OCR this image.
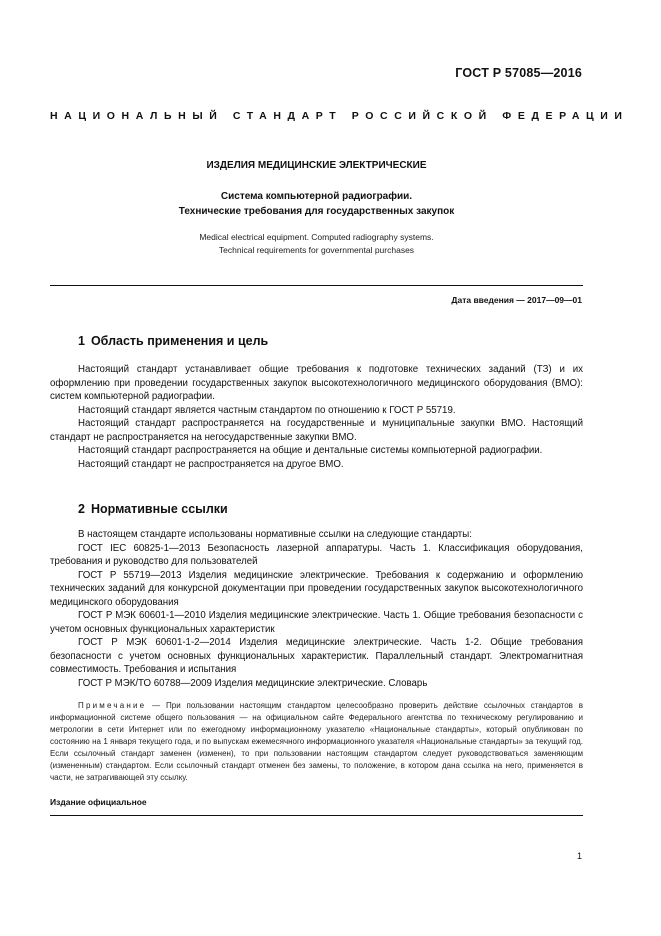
ГОСТ Р 57085—2016
НАЦИОНАЛЬНЫЙ СТАНДАРТ РОССИЙСКОЙ ФЕДЕРАЦИИ
ИЗДЕЛИЯ МЕДИЦИНСКИЕ ЭЛЕКТРИЧЕСКИЕ
Система компьютерной радиографии.
Технические требования для государственных закупок
Medical electrical equipment. Computed radiography systems.
Technical requirements for governmental purchases
Дата введения — 2017—09—01
1 Область применения и цель

Настоящий стандарт устанавливает общие требования к подготовке технических заданий (ТЗ) и их оформлению при проведении государственных закупок высокотехнологичного медицинского оборудования (ВМО): систем компьютерной радиографии.

Настоящий стандарт является частным стандартом по отношению к ГОСТ Р 55719.

Настоящий стандарт распространяется на государственные и муниципальные закупки ВМО. Настоящий стандарт не распространяется на негосударственные закупки ВМО.

Настоящий стандарт распространяется на общие и дентальные системы компьютерной радиографии.

Настоящий стандарт не распространяется на другое ВМО.

2 Нормативные ссылки

В настоящем стандарте использованы нормативные ссылки на следующие стандарты:

ГОСТ IEC 60825-1—2013 Безопасность лазерной аппаратуры. Часть 1. Классификация оборудования, требования и руководство для пользователей

ГОСТ Р 55719—2013 Изделия медицинские электрические. Требования к содержанию и оформлению технических заданий для конкурсной документации при проведении государственных закупок высокотехнологичного медицинского оборудования

ГОСТ Р МЭК 60601-1—2010 Изделия медицинские электрические. Часть 1. Общие требования безопасности с учетом основных функциональных характеристик

ГОСТ Р МЭК 60601-1-2—2014 Изделия медицинские электрические. Часть 1-2. Общие требования безопасности с учетом основных функциональных характеристик. Параллельный стандарт. Электромагнитная совместимость. Требования и испытания

ГОСТ Р МЭК/ТО 60788—2009 Изделия медицинские электрические. Словарь

Примечание — При пользовании настоящим стандартом целесообразно проверить действие ссылочных стандартов в информационной системе общего пользования — на официальном сайте Федерального агентства по техническому регулированию и метрологии в сети Интернет или по ежегодному информационному указателю «Национальные стандарты», который опубликован по состоянию на 1 января текущего года, и по выпускам ежемесячного информационного указателя «Национальные стандарты» за текущий год. Если ссылочный стандарт заменен (изменен), то при пользовании настоящим стандартом следует руководствоваться заменяющим (измененным) стандартом. Если ссылочный стандарт отменен без замены, то положение, в котором дана ссылка на него, применяется в части, не затрагивающей эту ссылку.

Издание официальное
1
